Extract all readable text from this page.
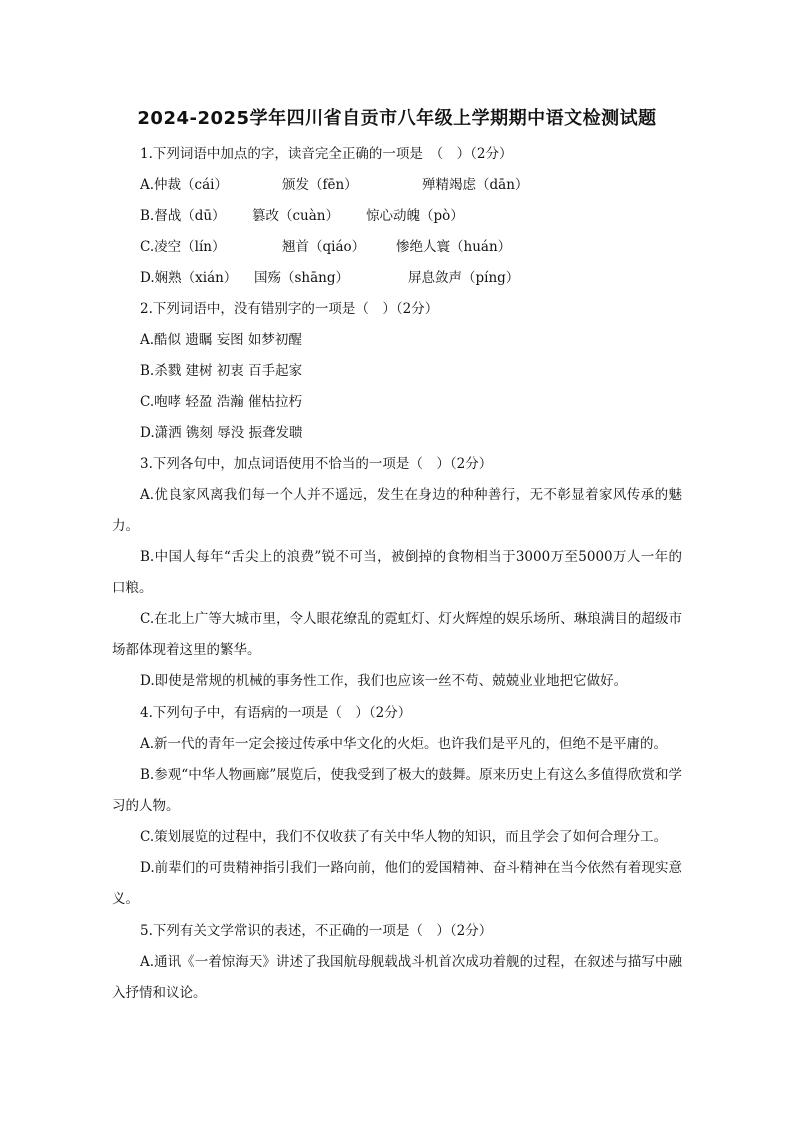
2024-2025学年四川省自贡市八年级上学期期中语文检测试题
1.下列词语中加点的字，读音完全正确的一项是　（　）（2分）
A.仲裁（cái）	颁发（fēn）	殚精竭虑（dān）
B.督战（dū） 篡改（cuàn） 惊心动魄（pò）
C.凌空（lín）	翘首（qiáo） 惨绝人寰（huán）
D.娴熟（xián） 国殇（shāng）	屏息敛声（píng）
2.下列词语中，没有错别字的一项是（　）（2分）
A.酷似 遗瞩 妄图 如梦初醒
B.杀戮 建树 初衷 百手起家
C.咆哮 轻盈 浩瀚 催枯拉朽
D.潇洒 镌刻 辱没 振聋发聩
3.下列各句中，加点词语使用不恰当的一项是（　）（2分）
A.优良家风离我们每一个人并不遥远，发生在身边的种种善行，无不彰显着家风传承的魅力。
B.中国人每年“舌尖上的浪费”锐不可当，被倒掉的食物相当于3000万至5000万人一年的口粮。
C.在北上广等大城市里，令人眼花缭乱的霓虹灯、灯火辉煌的娱乐场所、琳琅满目的超级市场都体现着这里的繁华。
D.即使是常规的机械的事务性工作，我们也应该一丝不苟、兢兢业业地把它做好。
4.下列句子中，有语病的一项是（　）（2分）
A.新一代的青年一定会接过传承中华文化的火炬。也许我们是平凡的，但绝不是平庸的。
B.参观“中华人物画廊”展览后，使我受到了极大的鼓舞。原来历史上有这么多值得欣赏和学习的人物。
C.策划展览的过程中，我们不仅收获了有关中华人物的知识，而且学会了如何合理分工。
D.前辈们的可贵精神指引我们一路向前，他们的爱国精神、奋斗精神在当今依然有着现实意义。
5.下列有关文学常识的表述，不正确的一项是（　）（2分）
A.通讯《一着惊海天》讲述了我国航母舰载战斗机首次成功着舰的过程，在叙述与描写中融入抒情和议论。
